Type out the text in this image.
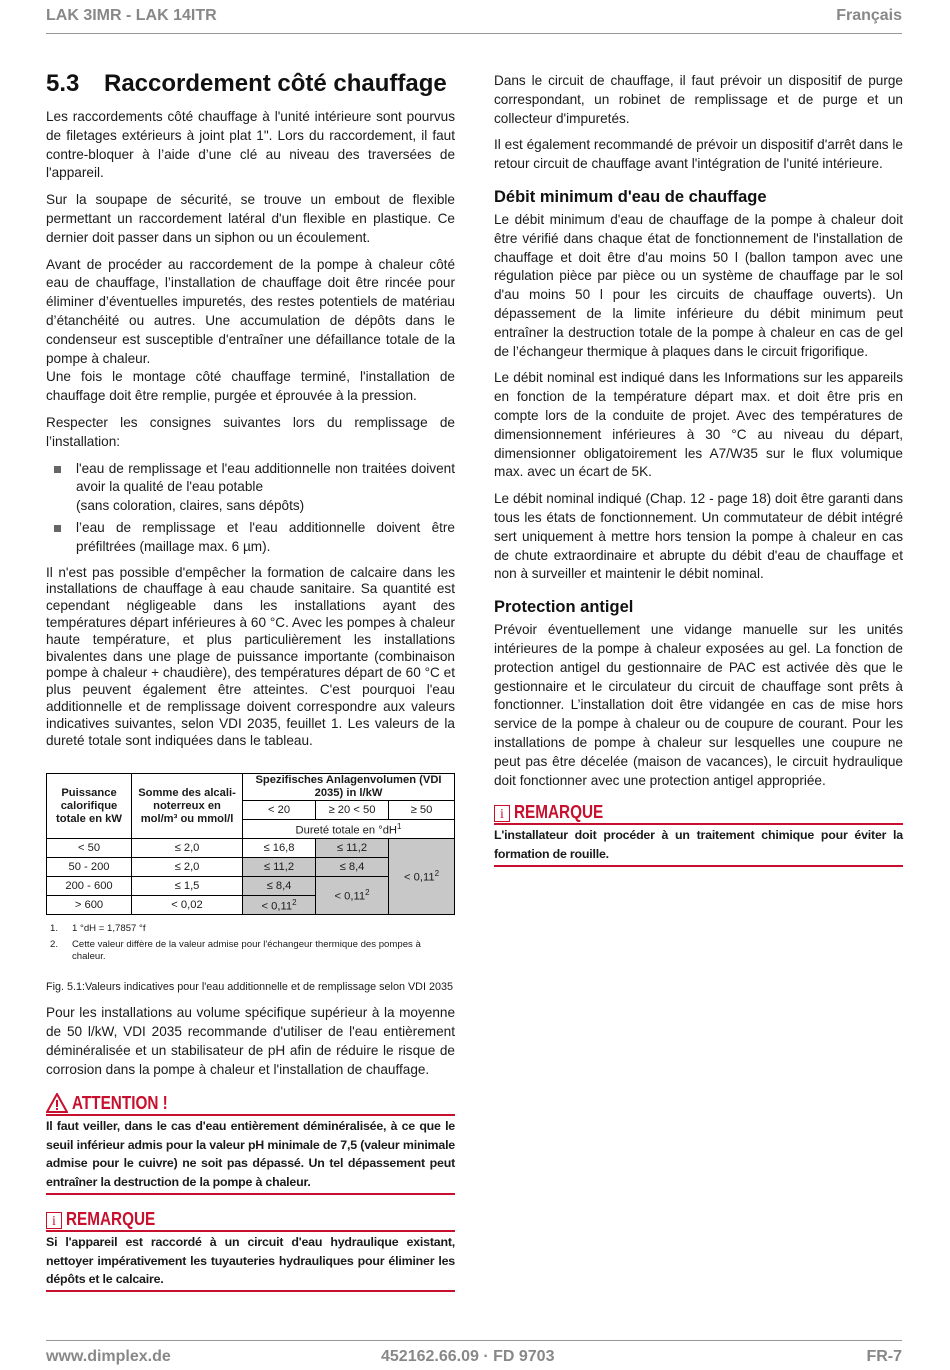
LAK 3IMR - LAK 14ITR	Français
5.3 Raccordement côté chauffage

Les raccordements côté chauffage à l'unité intérieure sont pourvus de filetages extérieurs à joint plat 1". Lors du raccordement, il faut contre-bloquer à l’aide d’une clé au niveau des traversées de l'appareil.

Sur la soupape de sécurité, se trouve un embout de flexible permettant un raccordement latéral d'un flexible en plastique. Ce dernier doit passer dans un siphon ou un écoulement.

Avant de procéder au raccordement de la pompe à chaleur côté eau de chauffage, l’installation de chauffage doit être rincée pour éliminer d’éventuelles impuretés, des restes potentiels de matériau d’étanchéité ou autres. Une accumulation de dépôts dans le condenseur est susceptible d'entraîner une défaillance totale de la pompe à chaleur.

Une fois le montage côté chauffage terminé, l'installation de chauffage doit être remplie, purgée et éprouvée à la pression.

Respecter les consignes suivantes lors du remplissage de l’installation:

l'eau de remplissage et l'eau additionnelle non traitées doivent avoir la qualité de l'eau potable
(sans coloration, claires, sans dépôts)
l’eau de remplissage et l'eau additionnelle doivent être préfiltrées (maillage max. 6 µm).

Il n'est pas possible d'empêcher la formation de calcaire dans les installations de chauffage à eau chaude sanitaire. Sa quantité est cependant négligeable dans les installations ayant des températures départ inférieures à 60 °C. Avec les pompes à chaleur haute température, et plus particulièrement les installations bivalentes dans une plage de puissance importante (combinaison pompe à chaleur + chaudière), des températures départ de 60 °C et plus peuvent également être atteintes. C'est pourquoi l'eau additionnelle et de remplissage doivent correspondre aux valeurs indicatives suivantes, selon VDI 2035, feuillet 1. Les valeurs de la dureté totale sont indiquées dans le tableau.

Puissance calorifique totale en kW	Somme des alcali-noterreux en mol/m³ ou mmol/l	Spezifisches Anlagenvolumen (VDI 2035) in l/kW		
		< 20	≥ 20 < 50	≥ 50
		Dureté totale en $^\circ dH^1$
< 50	≤ 2,0	≤ 16,8	≤ 11,2	< $0,11^2$
50 - 200	≤ 2,0	≤ 11,2	≤ 8,4	
200 - 600	≤ 1,5	≤ 8,4	< $0,11^2$
> 600	< 0,02	< $0,11^2$
1.	1 °dH = 1,7857 °f
2.	Cette valeur diffère de la valeur admise pour l'échangeur thermique des pompes à chaleur.
Fig. 5.1:Valeurs indicatives pour l'eau additionnelle et de remplissage selon VDI 2035

Pour les installations au volume spécifique supérieur à la moyenne de 50 l/kW, VDI 2035 recommande d'utiliser de l'eau entièrement déminéralisée et un stabilisateur de pH afin de réduire le risque de corrosion dans la pompe à chaleur et l'installation de chauffage.

ATTENTION !
Il faut veiller, dans le cas d'eau entièrement déminéralisée, à ce que le seuil inférieur admis pour la valeur pH minimale de 7,5 (valeur minimale admise pour le cuivre) ne soit pas dépassé. Un tel dépassement peut entraîner la destruction de la pompe à chaleur.
i REMARQUE
Si l'appareil est raccordé à un circuit d'eau hydraulique existant, nettoyer impérativement les tuyauteries hydrauliques pour éliminer les dépôts et le calcaire.

Dans le circuit de chauffage, il faut prévoir un dispositif de purge correspondant, un robinet de remplissage et de purge et un collecteur d'impuretés.

Il est également recommandé de prévoir un dispositif d'arrêt dans le retour circuit de chauffage avant l'intégration de l'unité intérieure.

Débit minimum d'eau de chauffage

Le débit minimum d'eau de chauffage de la pompe à chaleur doit être vérifié dans chaque état de fonctionnement de l'installation de chauffage et doit être d'au moins 50 l (ballon tampon avec une régulation pièce par pièce ou un système de chauffage par le sol d'au moins 50 l pour les circuits de chauffage ouverts). Un dépassement de la limite inférieure du débit minimum peut entraîner la destruction totale de la pompe à chaleur en cas de gel de l’échangeur thermique à plaques dans le circuit frigorifique.

Le débit nominal est indiqué dans les Informations sur les appareils en fonction de la température départ max. et doit être pris en compte lors de la conduite de projet. Avec des températures de dimensionnement inférieures à 30 °C au niveau du départ, dimensionner obligatoirement les A7/W35 sur le flux volumique max. avec un écart de 5K.

Le débit nominal indiqué (Chap. 12 - page 18) doit être garanti dans tous les états de fonctionnement. Un commutateur de débit intégré sert uniquement à mettre hors tension la pompe à chaleur en cas de chute extraordinaire et abrupte du débit d'eau de chauffage et non à surveiller et maintenir le débit nominal.

Protection antigel

Prévoir éventuellement une vidange manuelle sur les unités intérieures de la pompe à chaleur exposées au gel. La fonction de protection antigel du gestionnaire de PAC est activée dès que le gestionnaire et le circulateur du circuit de chauffage sont prêts à fonctionner. L’installation doit être vidangée en cas de mise hors service de la pompe à chaleur ou de coupure de courant. Pour les installations de pompe à chaleur sur lesquelles une coupure ne peut pas être décelée (maison de vacances), le circuit hydraulique doit fonctionner avec une protection antigel appropriée.

i REMARQUE
L'installateur doit procéder à un traitement chimique pour éviter la formation de rouille.
www.dimplex.de	452162.66.09 · FD 9703	FR-7
